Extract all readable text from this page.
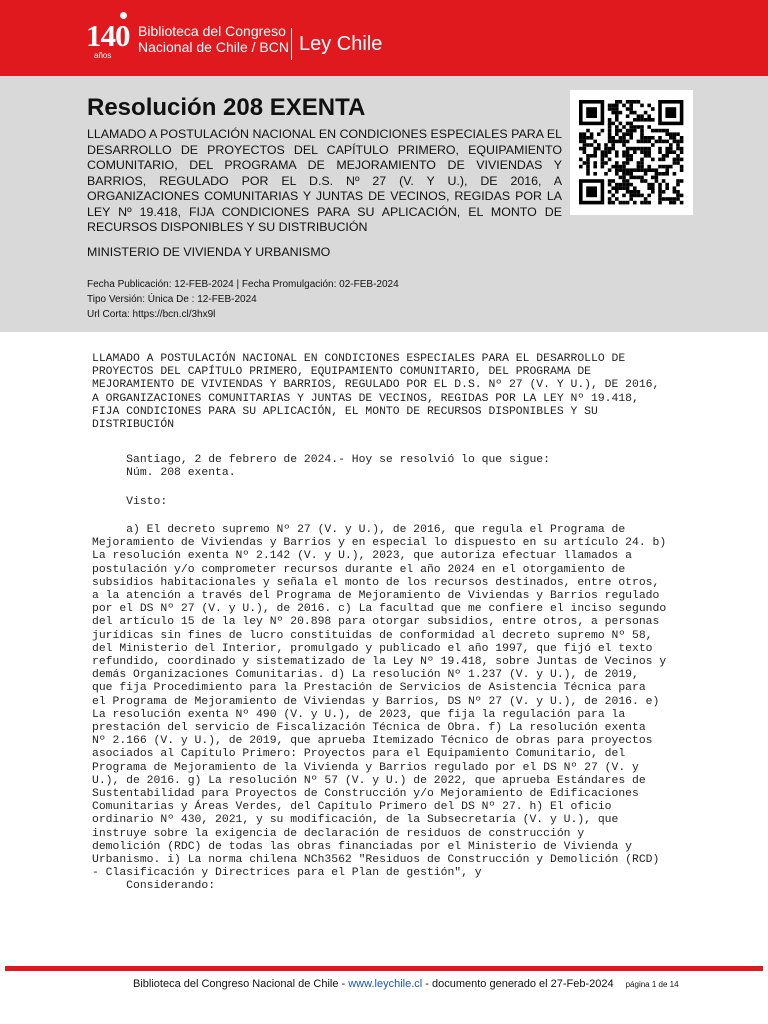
140
años
Biblioteca del Congreso
Nacional de Chile / BCN Ley Chile
Resolución 208 EXENTA

LLAMADO A POSTULACIÓN NACIONAL EN CONDICIONES ESPECIALES PARA EL DESARROLLO DE PROYECTOS DEL CAPÍTULO PRIMERO, EQUIPAMIENTO COMUNITARIO, DEL PROGRAMA DE MEJORAMIENTO DE VIVIENDAS Y BARRIOS, REGULADO POR EL D.S. Nº 27 (V. Y U.), DE 2016, A ORGANIZACIONES COMUNITARIAS Y JUNTAS DE VECINOS, REGIDAS POR LA LEY Nº 19.418, FIJA CONDICIONES PARA SU APLICACIÓN, EL MONTO DE RECURSOS DISPONIBLES Y SU DISTRIBUCIÓN

MINISTERIO DE VIVIENDA Y URBANISMO

Fecha Publicación: 12-FEB-2024 | Fecha Promulgación: 02-FEB-2024
Tipo Versión: Única De : 12-FEB-2024
Url Corta: https://bcn.cl/3hx9l

LLAMADO A POSTULACIÓN NACIONAL EN CONDICIONES ESPECIALES PARA EL DESARROLLO DE
PROYECTOS DEL CAPÍTULO PRIMERO, EQUIPAMIENTO COMUNITARIO, DEL PROGRAMA DE
MEJORAMIENTO DE VIVIENDAS Y BARRIOS, REGULADO POR EL D.S. Nº 27 (V. Y U.), DE 2016,
A ORGANIZACIONES COMUNITARIAS Y JUNTAS DE VECINOS, REGIDAS POR LA LEY Nº 19.418,
FIJA CONDICIONES PARA SU APLICACIÓN, EL MONTO DE RECURSOS DISPONIBLES Y SU
DISTRIBUCIÓN

Santiago, 2 de febrero de 2024.- Hoy se resolvió lo que sigue:
Núm. 208 exenta.

Visto:

a) El decreto supremo Nº 27 (V. y U.), de 2016, que regula el Programa de
Mejoramiento de Viviendas y Barrios y en especial lo dispuesto en su artículo 24. b)
La resolución exenta Nº 2.142 (V. y U.), 2023, que autoriza efectuar llamados a
postulación y/o comprometer recursos durante el año 2024 en el otorgamiento de
subsidios habitacionales y señala el monto de los recursos destinados, entre otros,
a la atención a través del Programa de Mejoramiento de Viviendas y Barrios regulado
por el DS Nº 27 (V. y U.), de 2016. c) La facultad que me confiere el inciso segundo
del artículo 15 de la ley Nº 20.898 para otorgar subsidios, entre otros, a personas
jurídicas sin fines de lucro constituidas de conformidad al decreto supremo Nº 58,
del Ministerio del Interior, promulgado y publicado el año 1997, que fijó el texto
refundido, coordinado y sistematizado de la Ley Nº 19.418, sobre Juntas de Vecinos y
demás Organizaciones Comunitarias. d) La resolución Nº 1.237 (V. y U.), de 2019,
que fija Procedimiento para la Prestación de Servicios de Asistencia Técnica para
el Programa de Mejoramiento de Viviendas y Barrios, DS Nº 27 (V. y U.), de 2016. e)
La resolución exenta Nº 490 (V. y U.), de 2023, que fija la regulación para la
prestación del servicio de Fiscalización Técnica de Obra. f) La resolución exenta
Nº 2.166 (V. y U.), de 2019, que aprueba Itemizado Técnico de obras para proyectos
asociados al Capítulo Primero: Proyectos para el Equipamiento Comunitario, del
Programa de Mejoramiento de la Vivienda y Barrios regulado por el DS Nº 27 (V. y
U.), de 2016. g) La resolución Nº 57 (V. y U.) de 2022, que aprueba Estándares de
Sustentabilidad para Proyectos de Construcción y/o Mejoramiento de Edificaciones
Comunitarias y Áreas Verdes, del Capítulo Primero del DS Nº 27. h) El oficio
ordinario Nº 430, 2021, y su modificación, de la Subsecretaría (V. y U.), que
instruye sobre la exigencia de declaración de residuos de construcción y
demolición (RDC) de todas las obras financiadas por el Ministerio de Vivienda y
Urbanismo. i) La norma chilena NCh3562 "Residuos de Construcción y Demolición (RCD)
- Clasificación y Directrices para el Plan de gestión", y
Considerando:

Biblioteca del Congreso Nacional de Chile - www.leychile.cl - documento generado el 27-Feb-2024 página 1 de 14
